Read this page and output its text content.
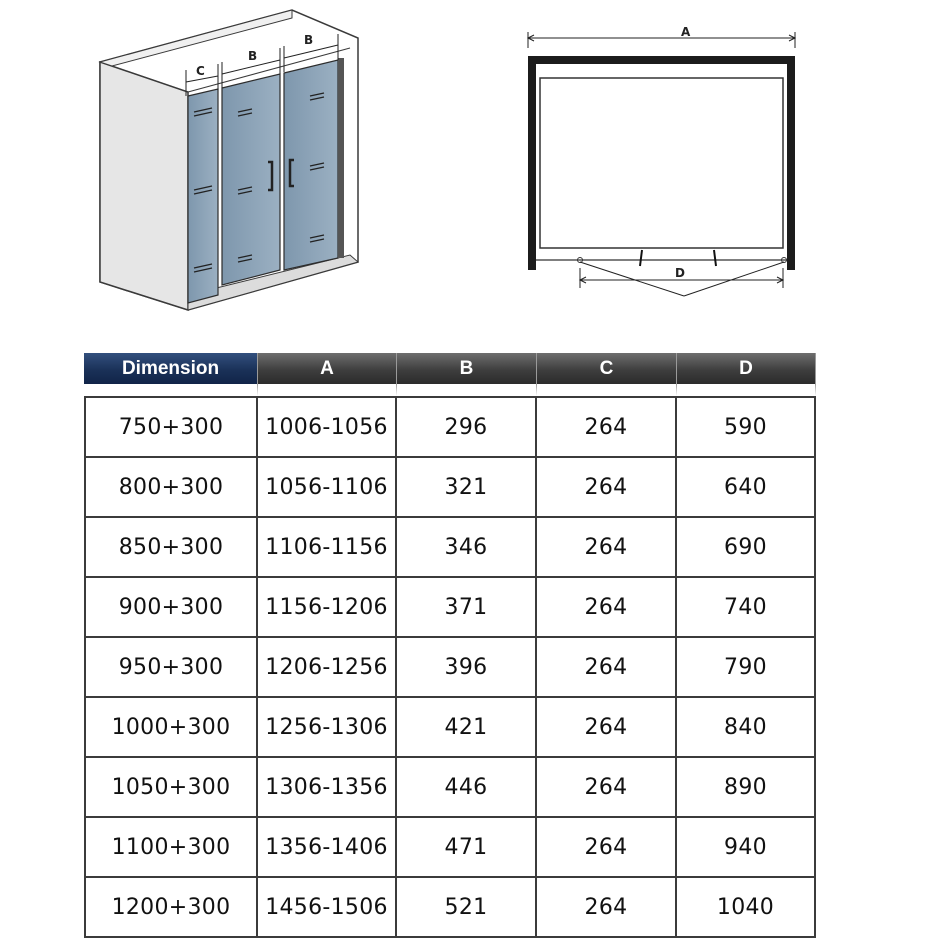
C
B
B
A
D
Dimension	A	B	C	D
750+300	1006-1056	296	264	590
800+300	1056-1106	321	264	640
850+300	1106-1156	346	264	690
900+300	1156-1206	371	264	740
950+300	1206-1256	396	264	790
1000+300	1256-1306	421	264	840
1050+300	1306-1356	446	264	890
1100+300	1356-1406	471	264	940
1200+300	1456-1506	521	264	1040
